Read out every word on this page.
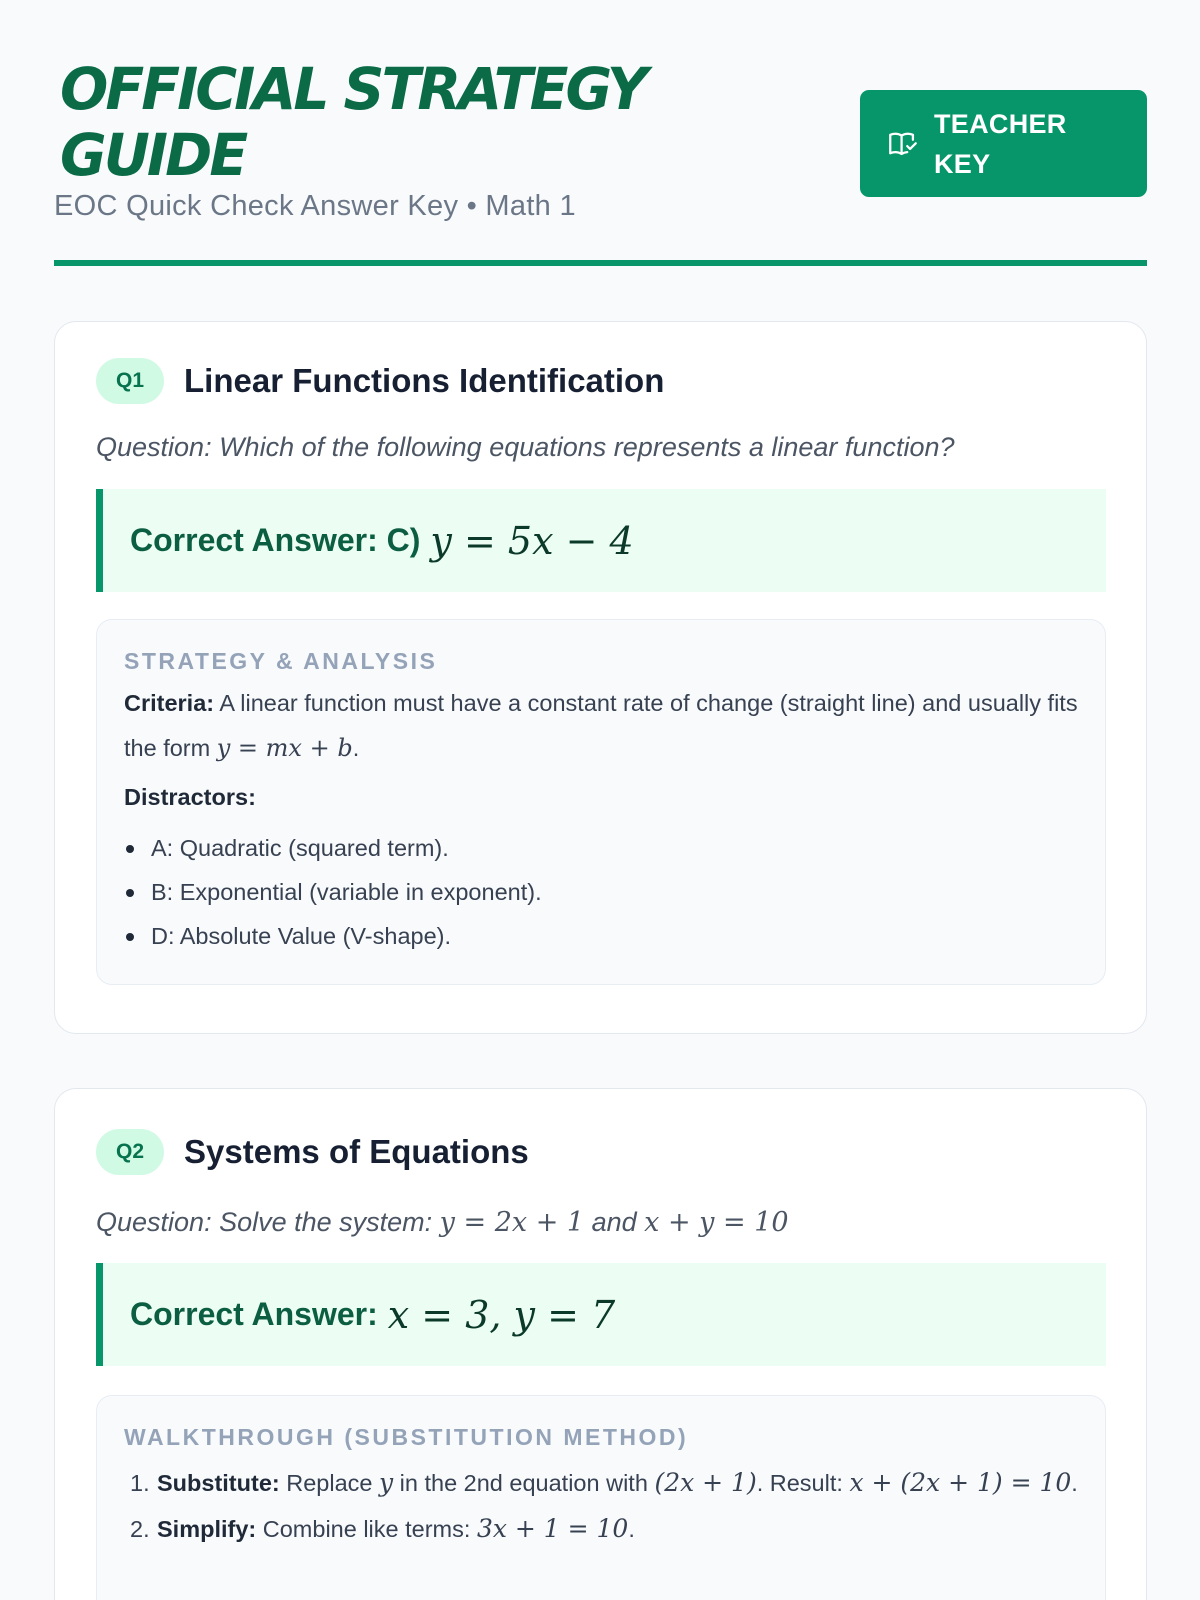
OFFICIAL STRATEGY GUIDE
EOC Quick Check Answer Key • Math 1
TEACHER KEY
Q1	Linear Functions Identification
Question: Which of the following equations represents a linear function?
Correct Answer: C) y = 5x − 4
STRATEGY & ANALYSIS
Criteria: A linear function must have a constant rate of change (straight line) and usually fits the form y = mx + b.
Distractors:
A: Quadratic (squared term).
B: Exponential (variable in exponent).
D: Absolute Value (V-shape).
Q2	Systems of Equations
Question: Solve the system: y = 2x + 1 and x + y = 10
Correct Answer: x = 3, y = 7
WALKTHROUGH (SUBSTITUTION METHOD)
1. Substitute: Replace y in the 2nd equation with (2x + 1). Result: x + (2x + 1) = 10.
2. Simplify: Combine like terms: 3x + 1 = 10.
